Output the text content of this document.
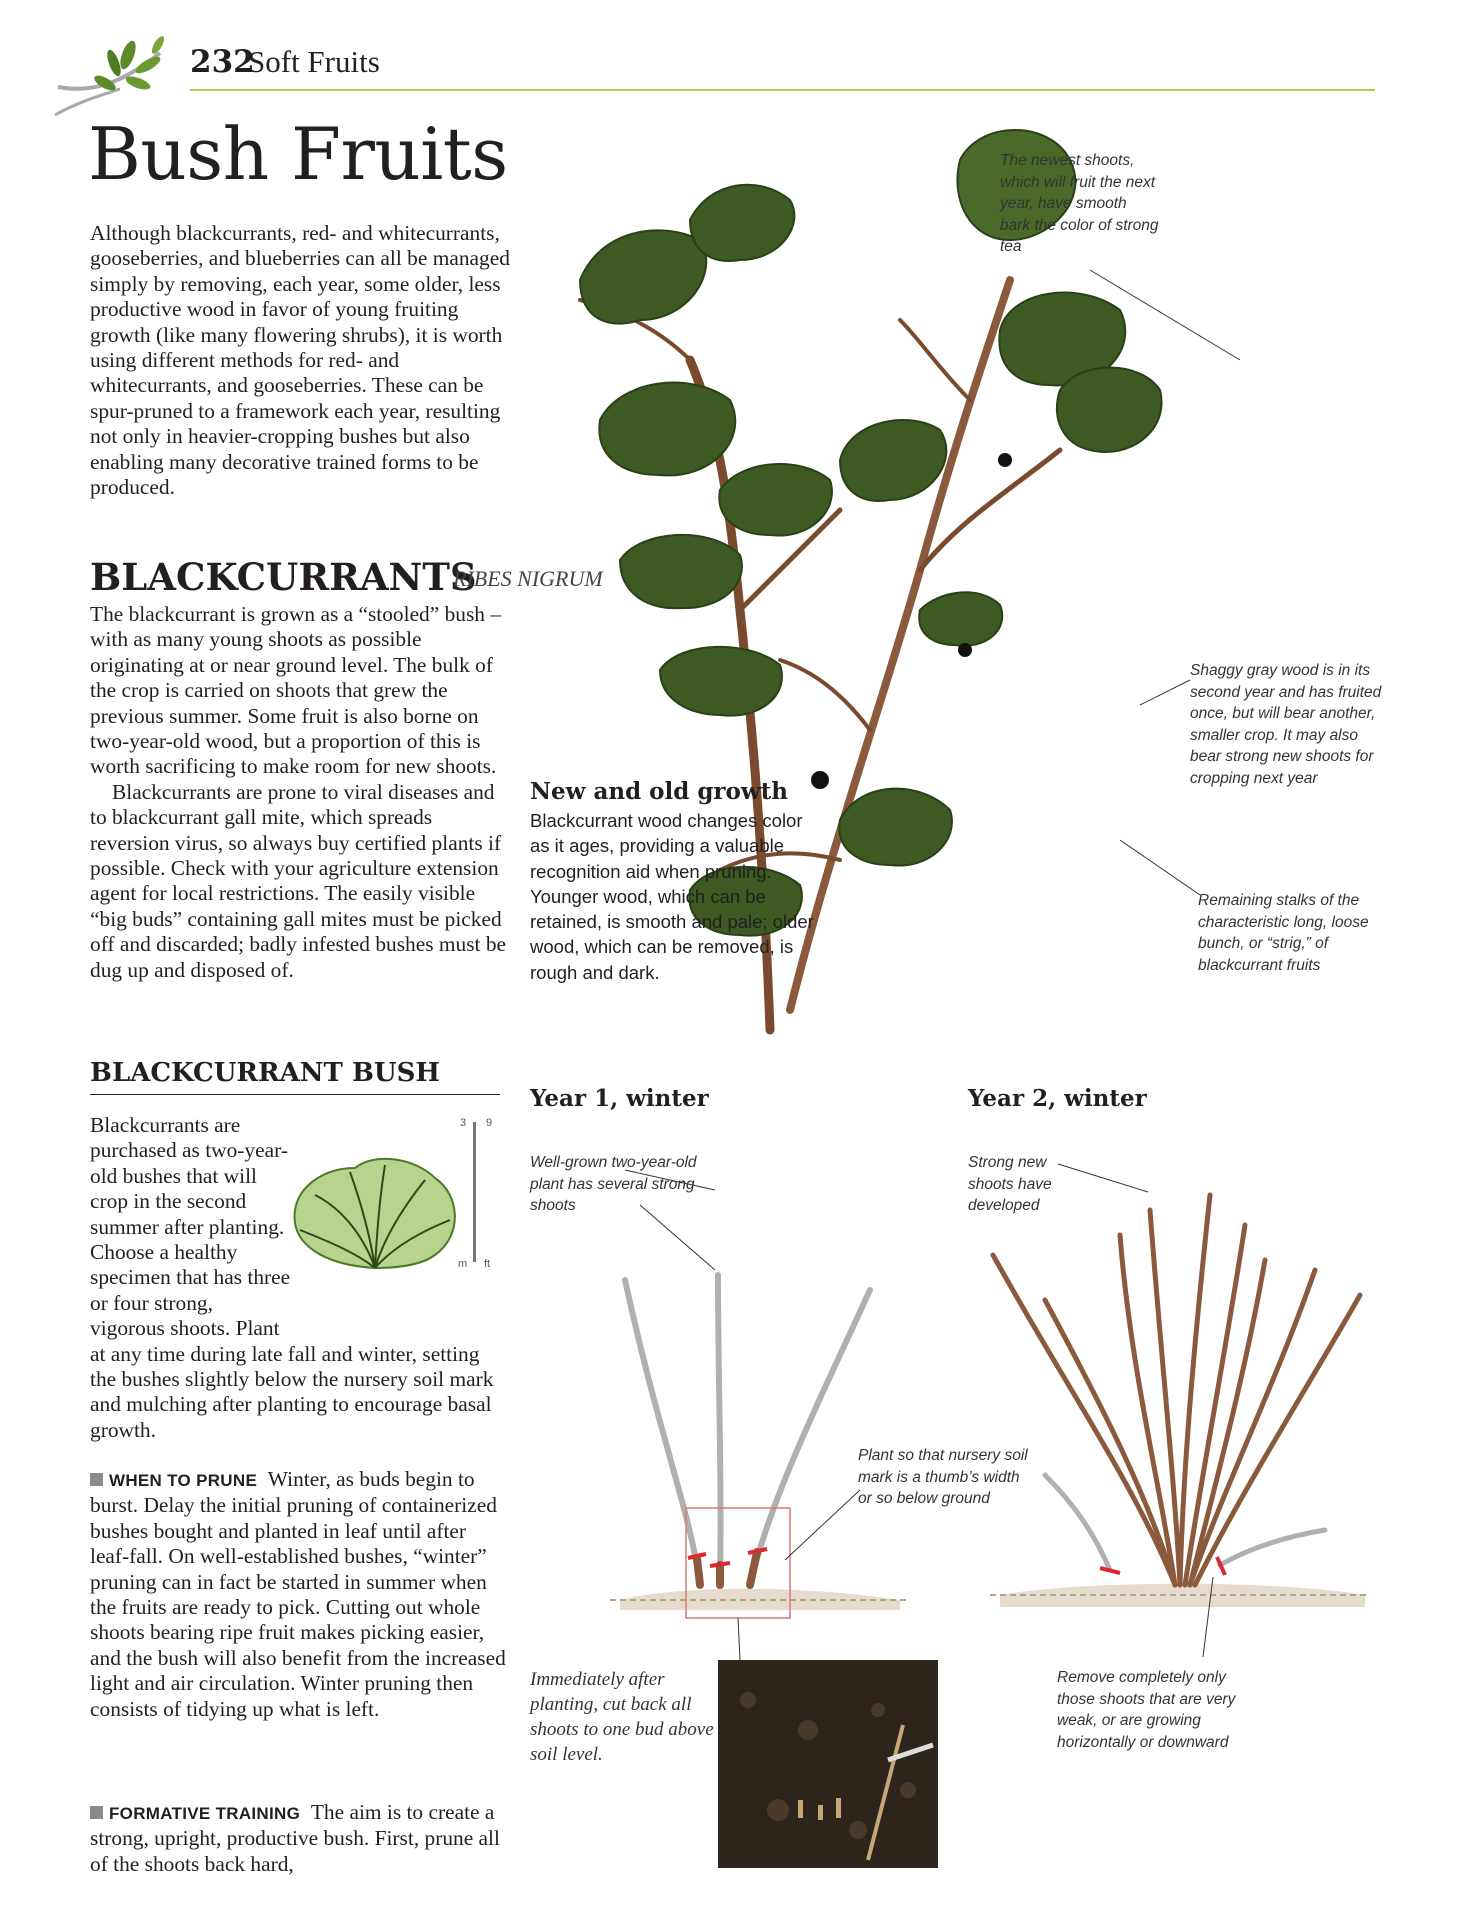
232
Soft Fruits
Bush Fruits

Although blackcurrants, red- and whitecurrants, gooseberries, and blueberries can all be managed simply by removing, each year, some older, less productive wood in favor of young fruiting growth (like many flowering shrubs), it is worth using different methods for red- and whitecurrants, and gooseberries. These can be spur-pruned to a framework each year, resulting not only in heavier-cropping bushes but also enabling many decorative trained forms to be produced.

BLACKCURRANTS
RIBES NIGRUM

The blackcurrant is grown as a “stooled” bush – with as many young shoots as possible originating at or near ground level. The bulk of the crop is carried on shoots that grew the previous summer. Some fruit is also borne on two-year-old wood, but a proportion of this is worth sacrificing to make room for new shoots.

Blackcurrants are prone to viral diseases and to blackcurrant gall mite, which spreads reversion virus, so always buy certified plants if possible. Check with your agriculture extension agent for local restrictions. The easily visible “big buds” containing gall mites must be picked off and discarded; badly infested bushes must be dug up and disposed of.

BLACKCURRANT BUSH

Blackcurrants are purchased as two-year-old bushes that will crop in the second summer after planting. Choose a healthy specimen that has three or four strong, vigorous shoots. Plant at any time during late fall and winter, setting the bushes slightly below the nursery soil mark and mulching after planting to encourage basal growth.

3 9
m ft

WHEN TO PRUNE Winter, as buds begin to burst. Delay the initial pruning of containerized bushes bought and planted in leaf until after leaf-fall. On well-established bushes, “winter” pruning can in fact be started in summer when the fruits are ready to pick. Cutting out whole shoots bearing ripe fruit makes picking easier, and the bush will also benefit from the increased light and air circulation. Winter pruning then consists of tidying up what is left.

FORMATIVE TRAINING The aim is to create a strong, upright, productive bush. First, prune all of the shoots back hard,

The newest shoots, which will fruit the next year, have smooth bark the color of strong tea
Shaggy gray wood is in its second year and has fruited once, but will bear another, smaller crop. It may also bear strong new shoots for cropping next year
Remaining stalks of the characteristic long, loose bunch, or “strig,” of blackcurrant fruits
New and old growth
Blackcurrant wood changes color as it ages, providing a valuable recognition aid when pruning. Younger wood, which can be retained, is smooth and pale; older wood, which can be removed, is rough and dark.
Year 1, winter
Well-grown two-year-old plant has several strong shoots
Plant so that nursery soil mark is a thumb’s width or so below ground
Immediately after planting, cut back all shoots to one bud above soil level.
Year 2, winter
Strong new shoots have developed
Remove completely only those shoots that are very weak, or are growing horizontally or downward
